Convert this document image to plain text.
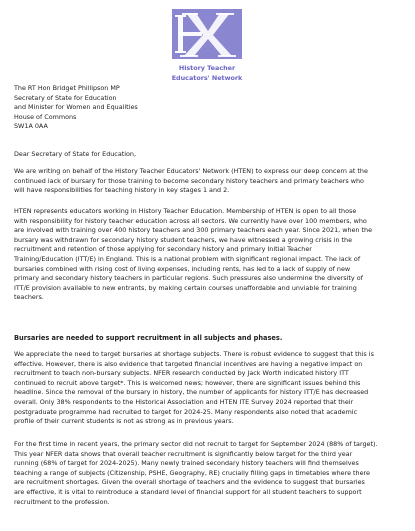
History Teacher
Educators' Network
The RT Hon Bridget Phillipson MP
Secretary of State for Education
and Minister for Women and Equalities
House of Commons
SW1A 0AA
Dear Secretary of State for Education,
We are writing on behalf of the History Teacher Educators' Network (HTEN) to express our deep concern at the
continued lack of bursary for those training to become secondary history teachers and primary teachers who
will have responsibilities for teaching history in key stages 1 and 2.
HTEN represents educators working in History Teacher Education. Membership of HTEN is open to all those
with responsibility for history teacher education across all sectors. We currently have over 100 members, who
are involved with training over 400 history teachers and 300 primary teachers each year. Since 2021, when the
bursary was withdrawn for secondary history student teachers, we have witnessed a growing crisis in the
recruitment and retention of those applying for secondary history and primary Initial Teacher
Training/Education (ITT/E) in England. This is a national problem with significant regional impact. The lack of
bursaries combined with rising cost of living expenses, including rents, has led to a lack of supply of new
primary and secondary history teachers in particular regions. Such pressures also undermine the diversity of
ITT/E provision available to new entrants, by making certain courses unaffordable and unviable for training
teachers.
Bursaries are needed to support recruitment in all subjects and phases.
We appreciate the need to target bursaries at shortage subjects. There is robust evidence to suggest that this is
effective. However, there is also evidence that targeted financial incentives are having a negative impact on
recruitment to teach non-bursary subjects. NFER research conducted by Jack Worth indicated history ITT
continued to recruit above target*. This is welcomed news; however, there are significant issues behind this
headline. Since the removal of the bursary in history, the number of applicants for history ITT/E has decreased
overall. Only 38% respondents to the Historical Association and HTEN ITE Survey 2024 reported that their
postgraduate programme had recruited to target for 2024-25. Many respondents also noted that academic
profile of their current students is not as strong as in previous years.
For the first time in recent years, the primary sector did not recruit to target for September 2024 (88% of target).
This year NFER data shows that overall teacher recruitment is significantly below target for the third year
running (68% of target for 2024-2025). Many newly trained secondary history teachers will find themselves
teaching a range of subjects (Citizenship, PSHE, Geography, RE) crucially filling gaps in timetables where there
are recruitment shortages. Given the overall shortage of teachers and the evidence to suggest that bursaries
are effective, it is vital to reintroduce a standard level of financial support for all student teachers to support
recruitment to the profession.
